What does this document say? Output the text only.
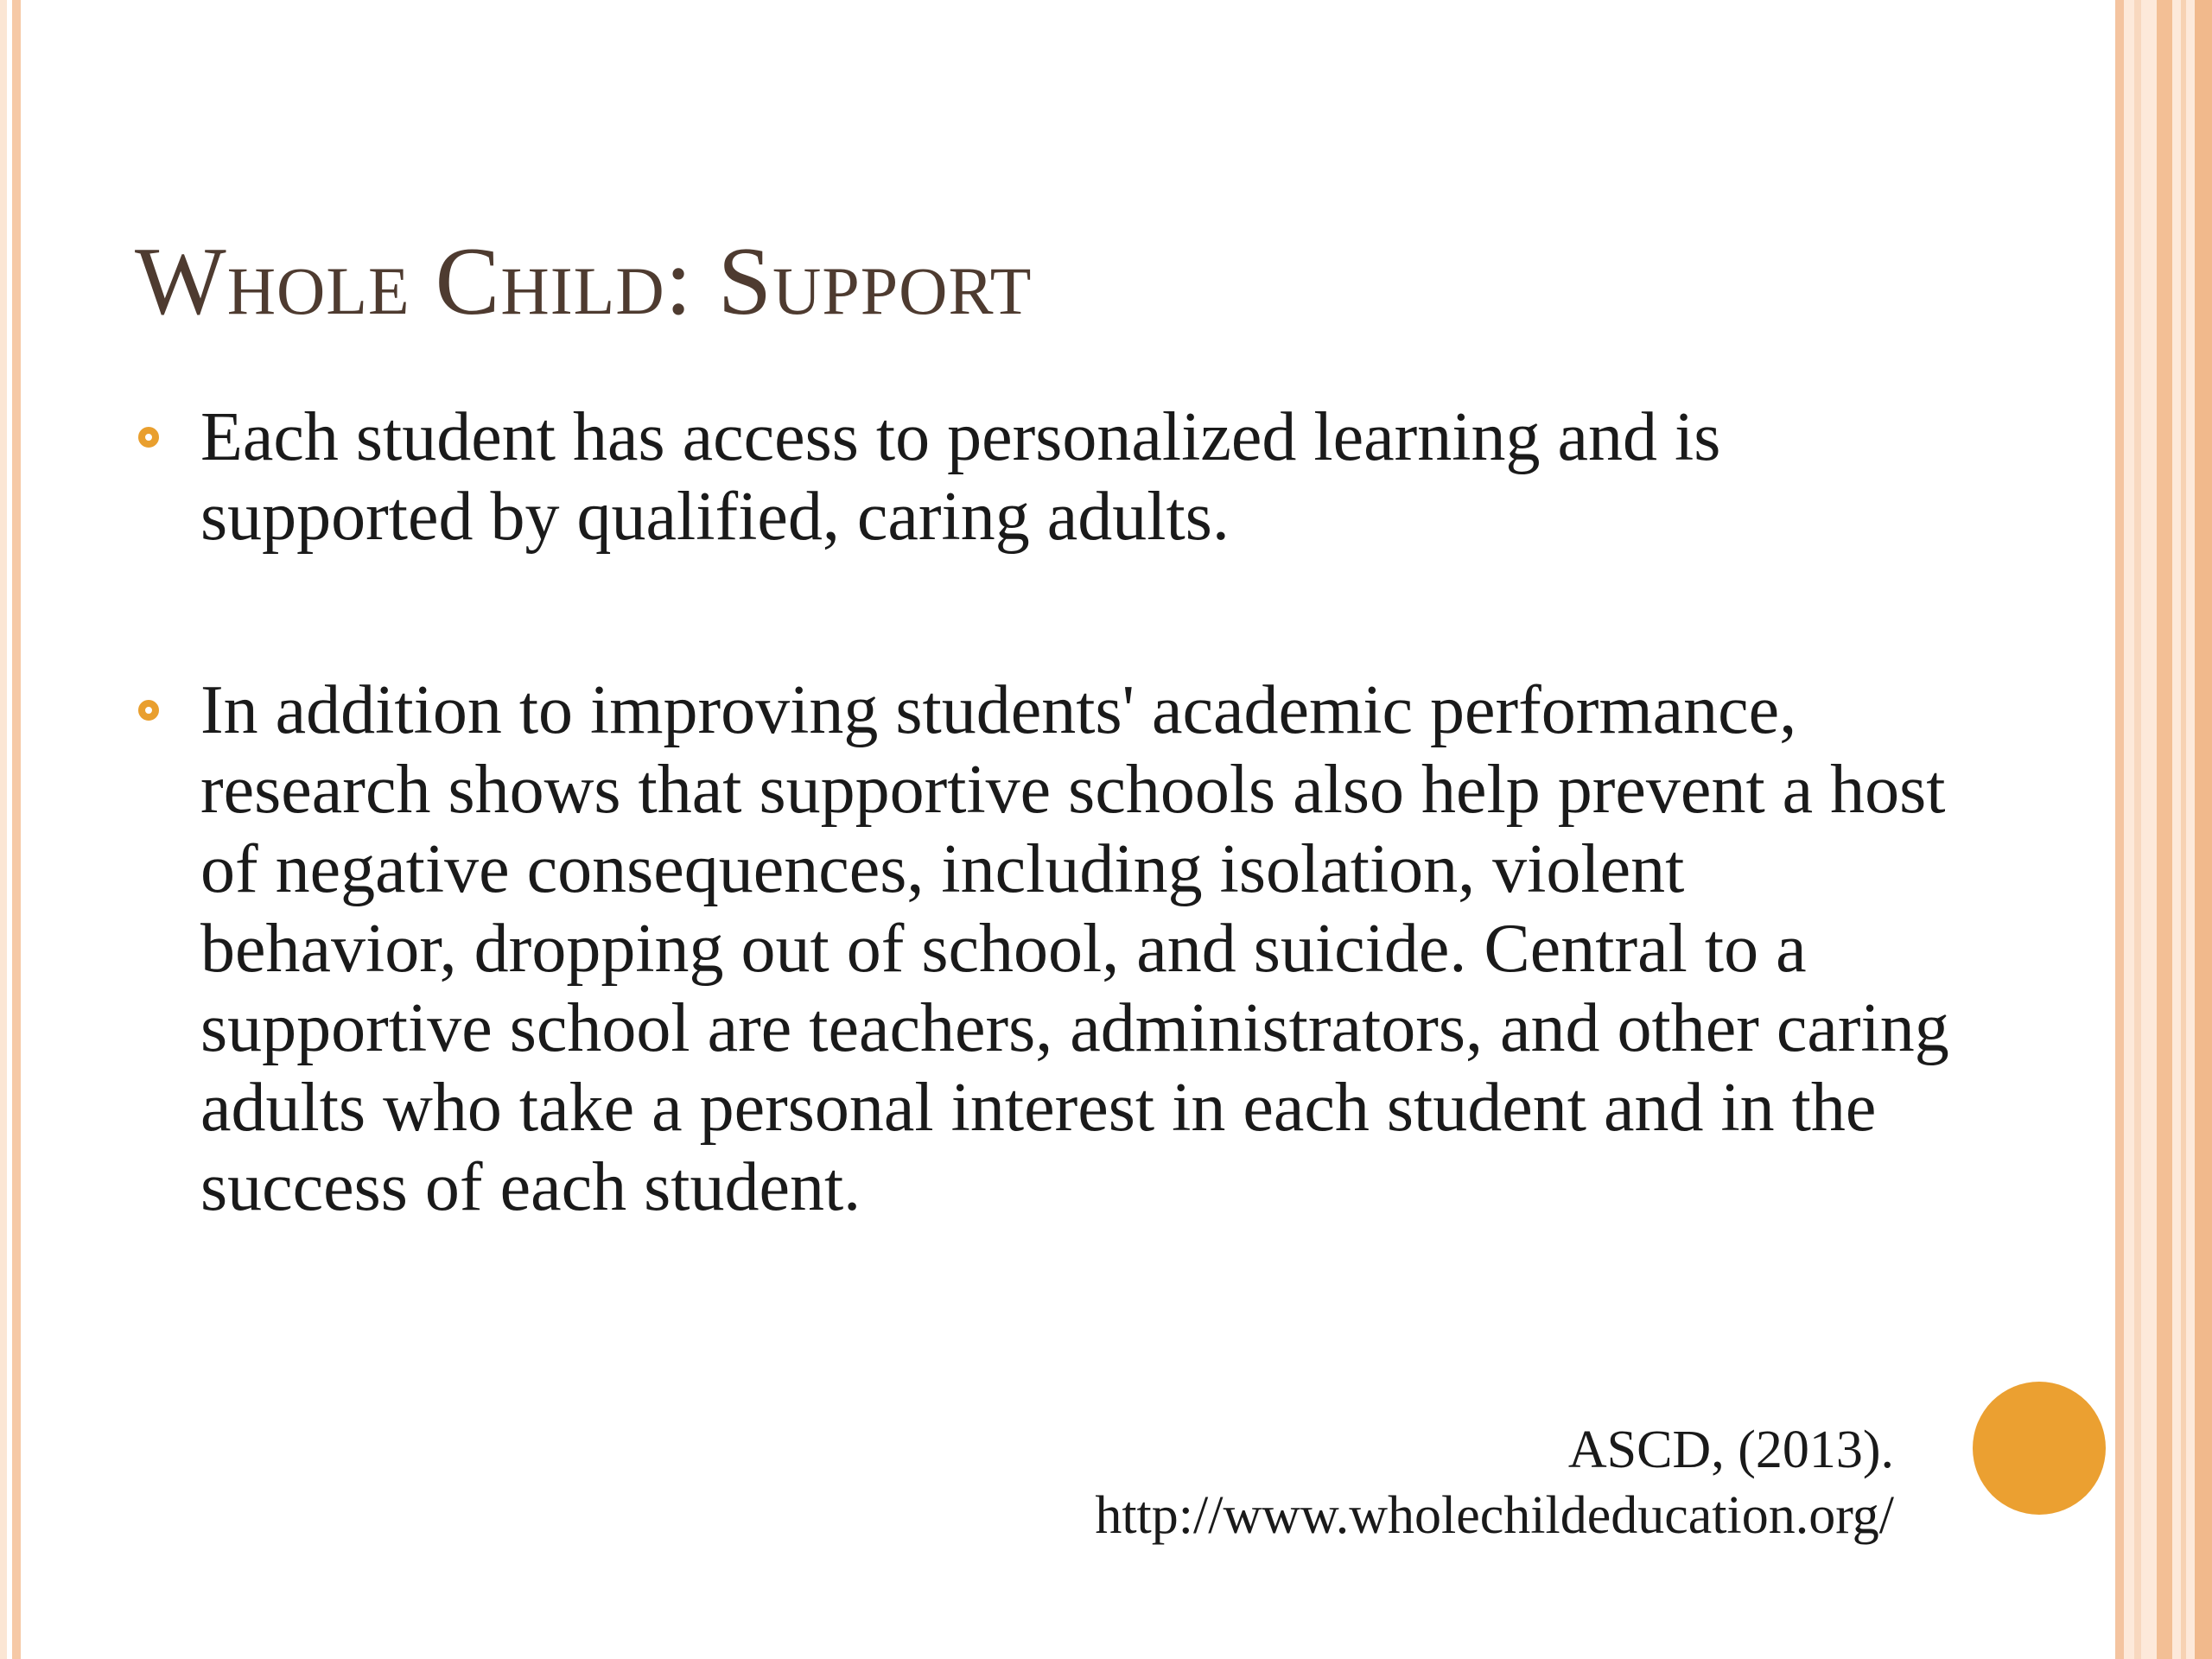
Whole Child: Support
Each student has access to personalized learning and is supported by qualified, caring adults.
In addition to improving students' academic performance, research shows that supportive schools also help prevent a host of negative consequences, including isolation, violent behavior, dropping out of school, and suicide. Central to a supportive school are teachers, administrators, and other caring adults who take a personal interest in each student and in the success of each student.
ASCD, (2013).
http://www.wholechildeducation.org/
